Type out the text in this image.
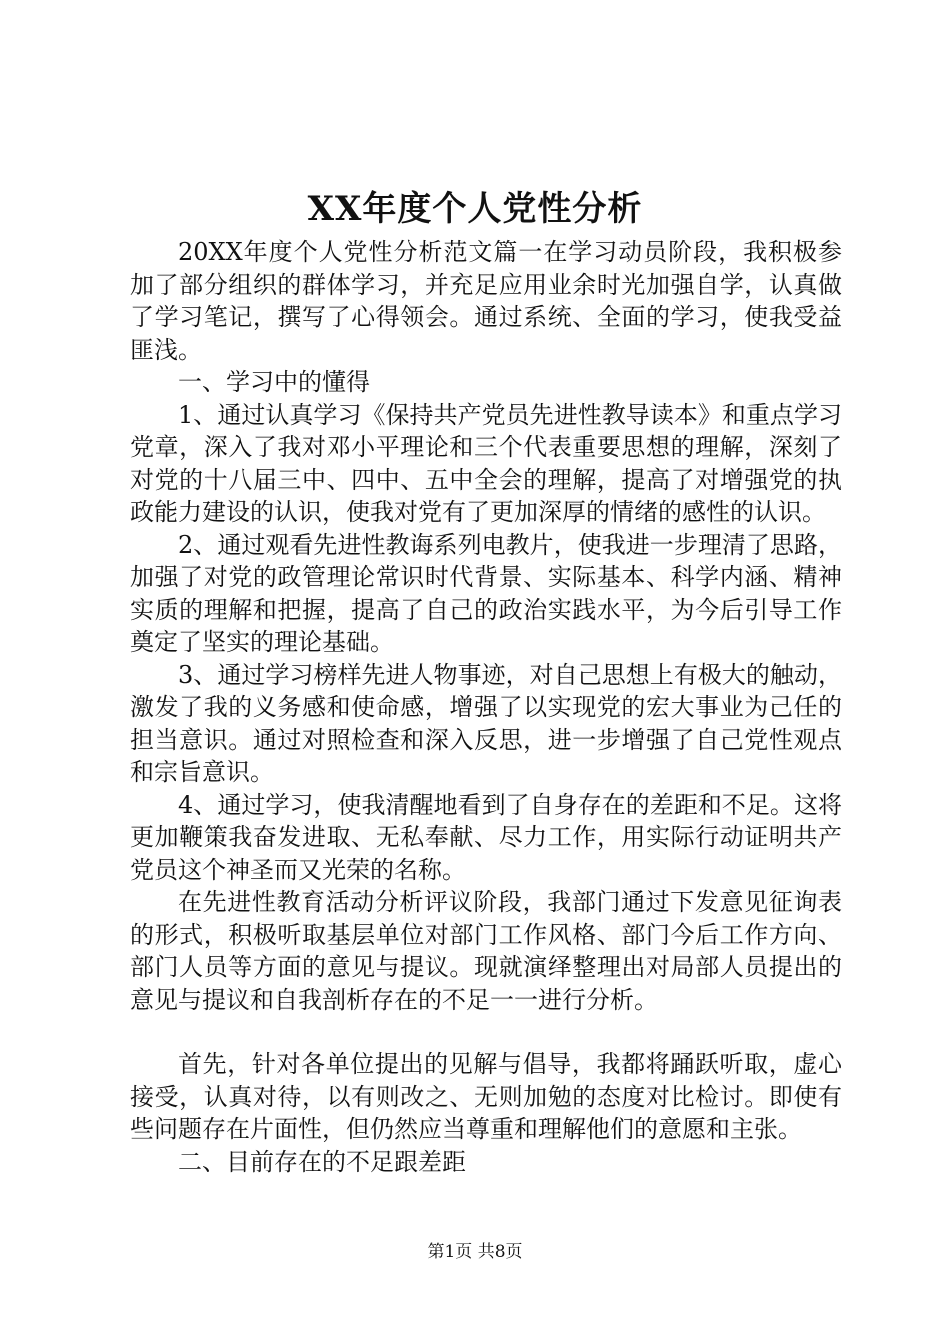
XX年度个人党性分析

20XX年度个人党性分析范文篇一在学习动员阶段，我积极参加了部分组织的群体学习，并充足应用业余时光加强自学，认真做了学习笔记，撰写了心得领会。通过系统、全面的学习，使我受益匪浅。

一、学习中的懂得

1、通过认真学习《保持共产党员先进性教导读本》和重点学习党章，深入了我对邓小平理论和三个代表重要思想的理解，深刻了对党的十八届三中、四中、五中全会的理解，提高了对增强党的执政能力建设的认识，使我对党有了更加深厚的情绪的感性的认识。

2、通过观看先进性教诲系列电教片，使我进一步理清了思路，加强了对党的政管理论常识时代背景、实际基本、科学内涵、精神实质的理解和把握，提高了自己的政治实践水平，为今后引导工作奠定了坚实的理论基础。

3、通过学习榜样先进人物事迹，对自己思想上有极大的触动，激发了我的义务感和使命感，增强了以实现党的宏大事业为己任的担当意识。通过对照检查和深入反思，进一步增强了自己党性观点和宗旨意识。

4、通过学习，使我清醒地看到了自身存在的差距和不足。这将更加鞭策我奋发进取、无私奉献、尽力工作，用实际行动证明共产党员这个神圣而又光荣的名称。

在先进性教育活动分析评议阶段，我部门通过下发意见征询表的形式，积极听取基层单位对部门工作风格、部门今后工作方向、部门人员等方面的意见与提议。现就演绎整理出对局部人员提出的意见与提议和自我剖析存在的不足一一进行分析。

首先，针对各单位提出的见解与倡导，我都将踊跃听取，虚心接受，认真对待，以有则改之、无则加勉的态度对比检讨。即使有些问题存在片面性，但仍然应当尊重和理解他们的意愿和主张。

二、目前存在的不足跟差距

第1页 共8页
